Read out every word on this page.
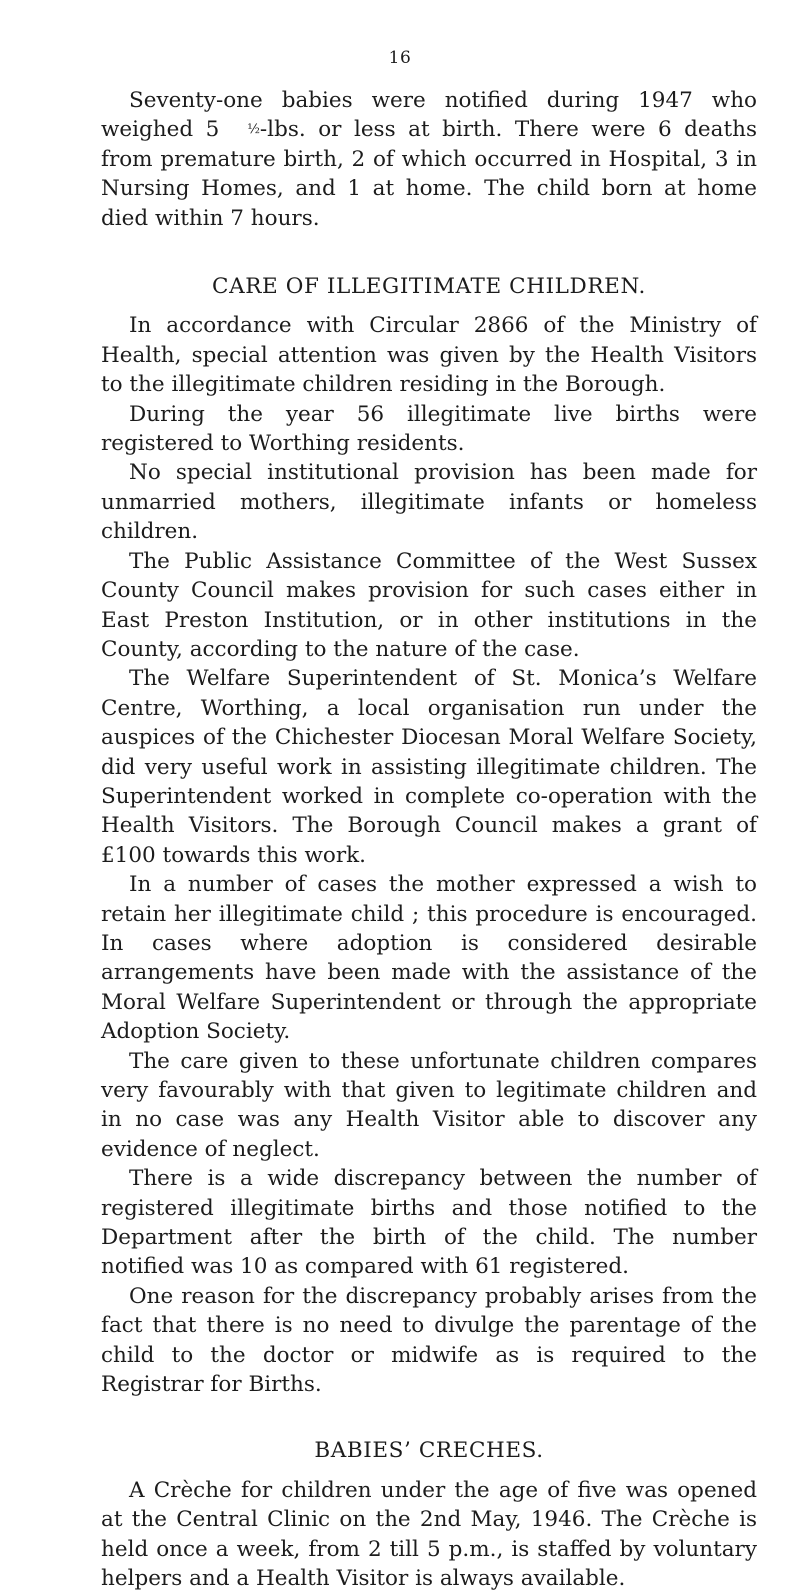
16

Seventy-one babies were notified during 1947 who weighed 5 ½-lbs. or less at birth. There were 6 deaths from premature birth, 2 of which occurred in Hospital, 3 in Nursing Homes, and 1 at home. The child born at home died within 7 hours.

CARE OF ILLEGITIMATE CHILDREN.

In accordance with Circular 2866 of the Ministry of Health, special attention was given by the Health Visitors to the illegitimate children residing in the Borough.

During the year 56 illegitimate live births were registered to Worthing residents.

No special institutional provision has been made for unmarried mothers, illegitimate infants or homeless children.

The Public Assistance Committee of the West Sussex County Council makes provision for such cases either in East Preston Institution, or in other institutions in the County, according to the nature of the case.

The Welfare Superintendent of St. Monica’s Welfare Centre, Worthing, a local organisation run under the auspices of the Chichester Diocesan Moral Welfare Society, did very useful work in assisting illegitimate children. The Superintendent worked in complete co-operation with the Health Visitors. The Borough Council makes a grant of £100 towards this work.

In a number of cases the mother expressed a wish to retain her illegitimate child ; this procedure is encouraged. In cases where adoption is considered desirable arrangements have been made with the assistance of the Moral Welfare Superintendent or through the appropriate Adoption Society.

The care given to these unfortunate children compares very favourably with that given to legitimate children and in no case was any Health Visitor able to discover any evidence of neglect.

There is a wide discrepancy between the number of registered illegitimate births and those notified to the Department after the birth of the child. The number notified was 10 as compared with 61 registered.

One reason for the discrepancy probably arises from the fact that there is no need to divulge the parentage of the child to the doctor or midwife as is required to the Registrar for Births.

BABIES’ CRECHES.

A Crèche for children under the age of five was opened at the Central Clinic on the 2nd May, 1946. The Crèche is held once a week, from 2 till 5 p.m., is staffed by voluntary helpers and a Health Visitor is always available.
